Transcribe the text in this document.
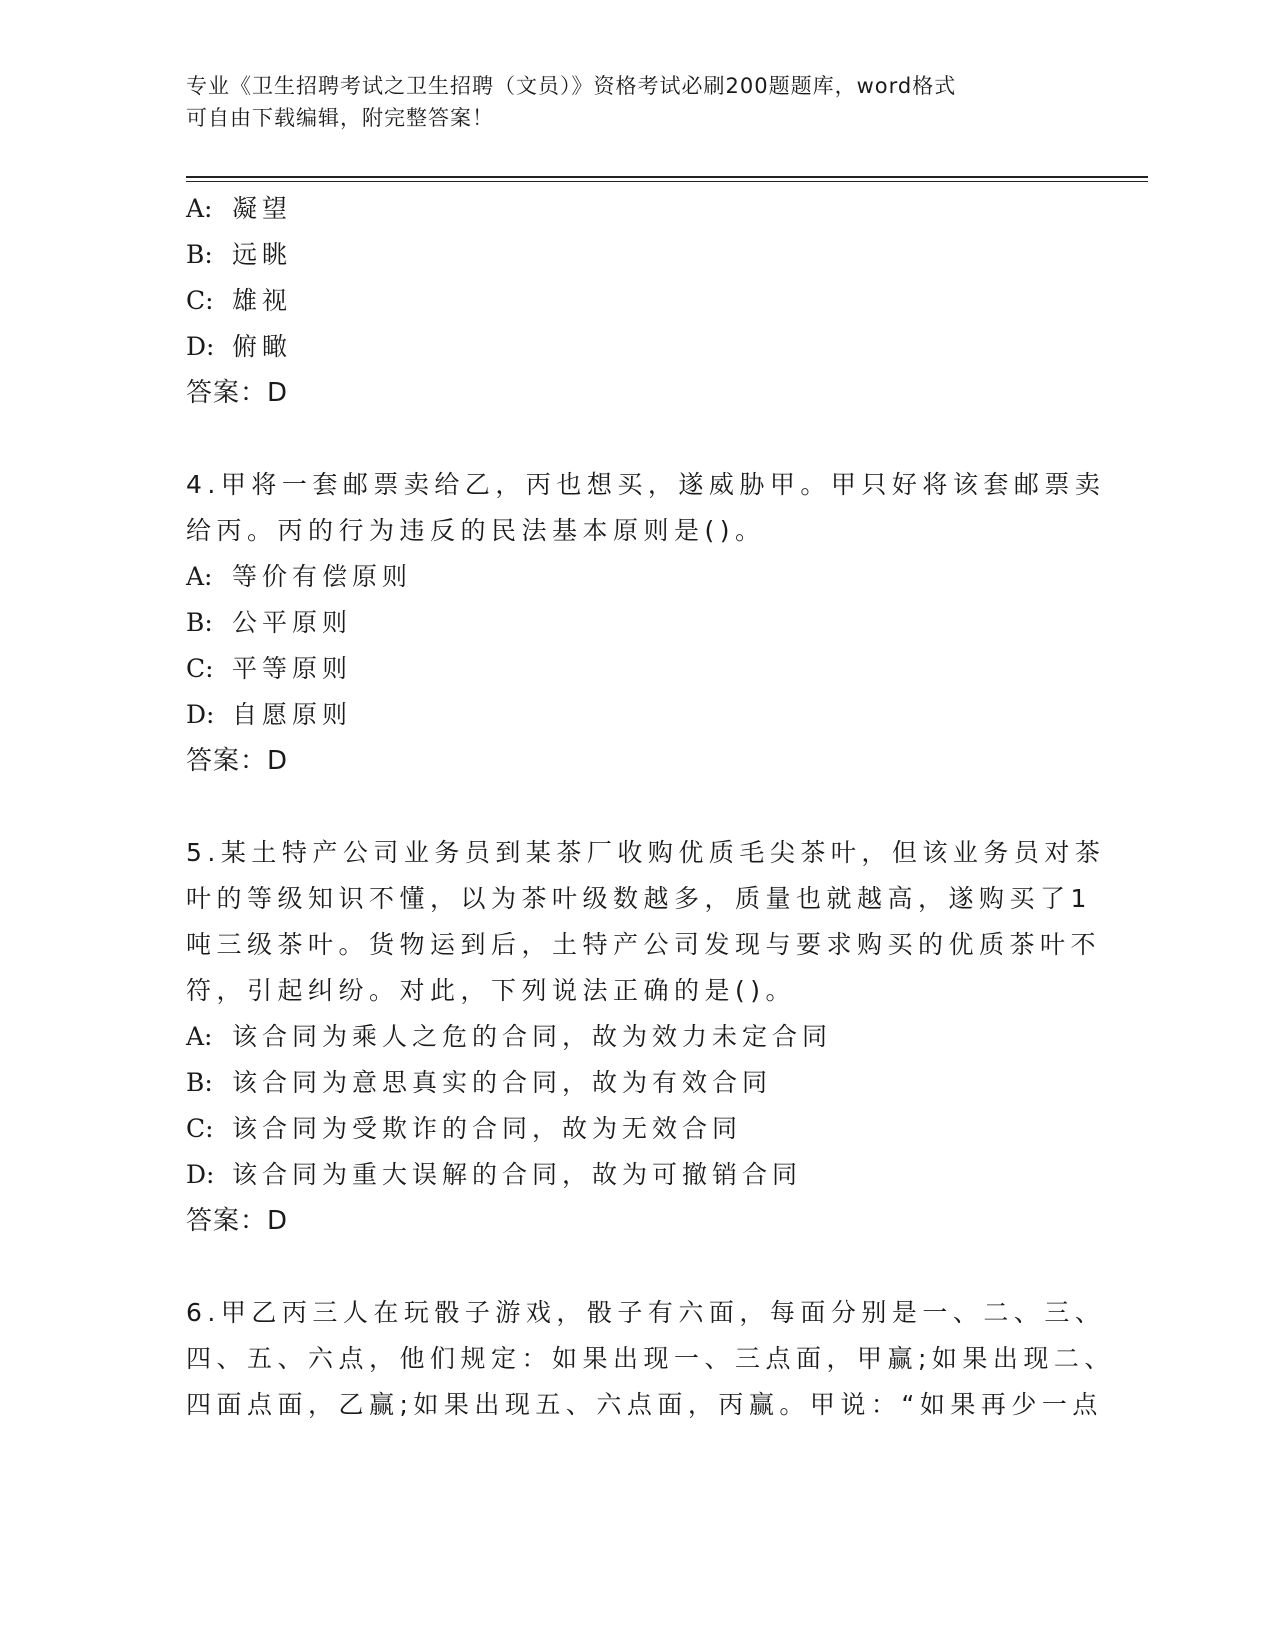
专业《卫生招聘考试之卫生招聘（文员）》资格考试必刷200题题库，word格式
可自由下载编辑，附完整答案！
A: 凝望
B: 远眺
C: 雄视
D: 俯瞰
答案：D
4.甲将一套邮票卖给乙，丙也想买，遂威胁甲。甲只好将该套邮票卖
给丙。丙的行为违反的民法基本原则是()。
A: 等价有偿原则
B: 公平原则
C: 平等原则
D: 自愿原则
答案：D
5.某土特产公司业务员到某茶厂收购优质毛尖茶叶，但该业务员对茶
叶的等级知识不懂，以为茶叶级数越多，质量也就越高，遂购买了1
吨三级茶叶。货物运到后，土特产公司发现与要求购买的优质茶叶不
符，引起纠纷。对此，下列说法正确的是()。
A: 该合同为乘人之危的合同，故为效力未定合同
B: 该合同为意思真实的合同，故为有效合同
C: 该合同为受欺诈的合同，故为无效合同
D: 该合同为重大误解的合同，故为可撤销合同
答案：D
6.甲乙丙三人在玩骰子游戏，骰子有六面，每面分别是一、二、三、
四、五、六点，他们规定：如果出现一、三点面，甲赢;如果出现二、
四面点面，乙赢;如果出现五、六点面，丙赢。甲说：“如果再少一点
